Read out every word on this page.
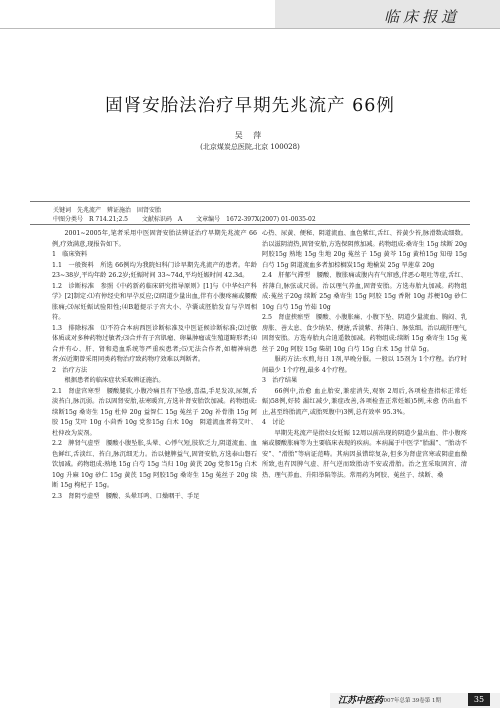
临床报道
固肾安胎法治疗早期先兆流产 66例
吴 萍
(北京煤炭总医院,北京 100028)
关键词　先兆流产　辨证施治　固肾安胎
中图分类号　R 714.21;2.5 文献标识码　A 文章编号　1672-397X(2007) 01-0035-02

2001~2005年,笔者采用中医固肾安胎法辨证治疗早期先兆流产 66例,疗效满意,现报告如下。

1　临床资料

1.1　一般资料　所选 66例均为我院妇科门诊早期先兆流产的患者。年龄 23~38岁,平均年龄 26.2岁;妊娠时间 33~74d,平均妊娠时间 42.3d。

1.2　诊断标准　参照《中药新药临床研究指导原则》[1]与《中华妇产科学》[2]制定:⑴有停经史和早孕反应;⑵阴道少量出血,伴有小腹疼痛或腰酸胀痛;⑶尿妊娠试验阳性;⑷B超提示子宫大小、孕囊或胚胎发育与孕周相符。

1.3　排除标准　⑴不符合本病西医诊断标准及中医证候诊断标准;⑵过敏体质或对多种药物过敏者;⑶合并有子宫肌瘤、卵巢肿瘤或生殖道畸形者;⑷合并有心、肝、肾和造血系统等严重疾患者;⑸无法合作者,如精神病患者;⑹近期曾采用同类药物治疗致药物疗效难以判断者。

2　治疗方法

根据患者的临床症状采取辨证施治。

2.1　肾虚宫寒型　腰酸腿软,小腹冷痛且有下坠感,喜温,手足发凉,尿频,舌淡苔白,脉沉弱。治以固肾安胎,祛寒暖宫,方选补肾安胎饮加减。药物组成:续断15g 桑寄生 15g 杜仲 20g 益智仁 15g 菟丝子 20g 补骨脂 15g 阿胶 15g 艾叶 10g 小茴香 10g 党参15g 白术 10g　阴道流血者将艾叶、杜仲改为炭剂。

2.2　脾肾气虚型　腰酸小腹坠胀,头晕、心悸气短,肢软乏力,阴道流血、血色鲜红,舌淡红、苔白,脉沉细无力。治以健脾益气,固肾安胎,方选泰山磐石饮加减。药物组成:熟地 15g 白芍 15g 当归 10g 黄芪 20g 党参15g 白术 10g 升麻 10g 砂仁 15g 黄芪 15g 阿胶15g 桑寄生 15g 菟丝子 20g 续断 15g 枸杞子 15g。

2.3　肾阴亏虚型　腰酸、头晕耳鸣、口燥咽干、手足

心热、尿黄、便秘、阴道流血、血色紫红,舌红、苔黄少苔,脉滑数或细数。治以滋阴清热,固肾安胎,方选保阴煎加减。药物组成:桑寄生 15g 续断 20g 阿胶15g 熟地 15g 生地 20g 菟丝子 15g 黄芩 15g 黄柏15g 知母 15g 白芍 15g 阴道流血多者加棕榈炭15g 地榆炭 25g 旱莲草 20g

2.4　肝郁气滞型　腰酸、腹胀痛或腹内有气窜感,伴恶心呕吐等症,舌红、苔薄白,脉弦或尺弱。治以理气养血,固肾安胎。方选寿胎丸加减。药物组成:菟丝子20g 续断 25g 桑寄生 15g 阿胶 15g 香附 10g 苏梗10g 砂仁 10g 白芍 15g 竹茹 10g

2.5　肾虚挟瘀型　腰酸、小腹胀痛、小腹下坠、阴道少量流血、胸闷、乳房胀、善太息、食少纳呆、便溏,舌淡紫、苔薄白、脉弦细。治以疏肝理气,固肾安胎。方选寿胎丸合逍遥散加减。药物组成:续断 15g 桑寄生 15g 菟丝子 20g 阿胶 15g 柴胡 10g 白芍 15g 白术 15g 甘草 5g。

服药方法:水煎,每日 1剂,早晚分服。一般以 15剂为 1个疗程。治疗时间最少 1个疗程,最多 4个疗程。

3　治疗结果

66例中,治愈 血止胎安,兼症消失,观察 2周后,各项检查指标正常妊娠)58例,好转 漏红减少,兼症改善,各项检查正常妊娠)5例,未愈 仍出血不止,甚至终胎流产,或胎死腹中)3例,总有效率 95.3%。

4　讨论

早期先兆流产是指妇女妊娠 12周以前出现的阴道少量出血、伴小腹疼痛或腰酸胀痛等为主要临床表现的疾病。本病属于中医学“胎漏”、“胎动不安”、“滑胎”等病证范畴。其病因虽错综复杂,但多为肾虚宫寒或阴虚血燥所致,也有因脾气虚、肝气逆而致胎动不安或滑胎。治之宜采取固宫、清热、理气养血、升阳举陷等法。常用药为阿胶、菟丝子、续断、桑

江苏中医药
2007年总第 39卷第 1期	35
